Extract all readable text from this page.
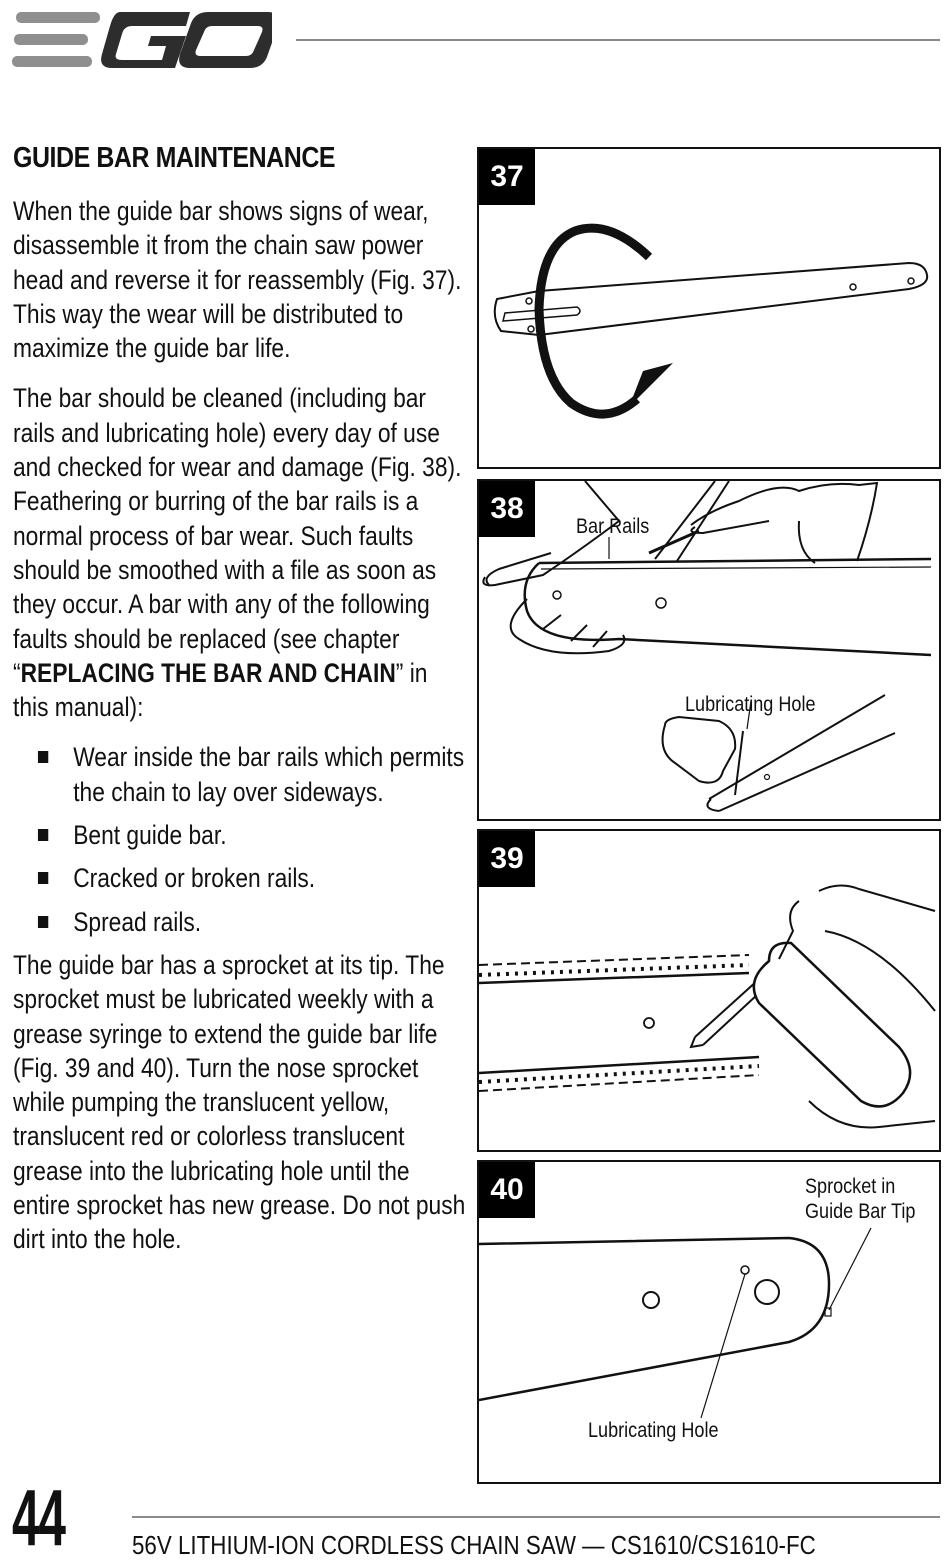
GUIDE BAR MAINTENANCE

When the guide bar shows signs of wear, disassemble it from the chain saw power head and reverse it for reassembly (Fig. 37). This way the wear will be distributed to maximize the guide bar life.

The bar should be cleaned (including bar rails and lubricating hole) every day of use and checked for wear and damage (Fig. 38). Feathering or burring of the bar rails is a normal process of bar wear. Such faults should be smoothed with a file as soon as they occur. A bar with any of the following faults should be replaced (see chapter “REPLACING THE BAR AND CHAIN” in this manual):

Wear inside the bar rails which permits the chain to lay over sideways.
Bent guide bar.
Cracked or broken rails.
Spread rails.

The guide bar has a sprocket at its tip. The sprocket must be lubricated weekly with a grease syringe to extend the guide bar life (Fig. 39 and 40). Turn the nose sprocket while pumping the translucent yellow, translucent red or colorless translucent grease into the lubricating hole until the entire sprocket has new grease. Do not push dirt into the hole.

37
38
Bar Rails
Lubricating Hole
39
40	Sprocket in
Guide Bar Tip
Lubricating Hole
44	56V LITHIUM-ION CORDLESS CHAIN SAW — CS1610/CS1610-FC
